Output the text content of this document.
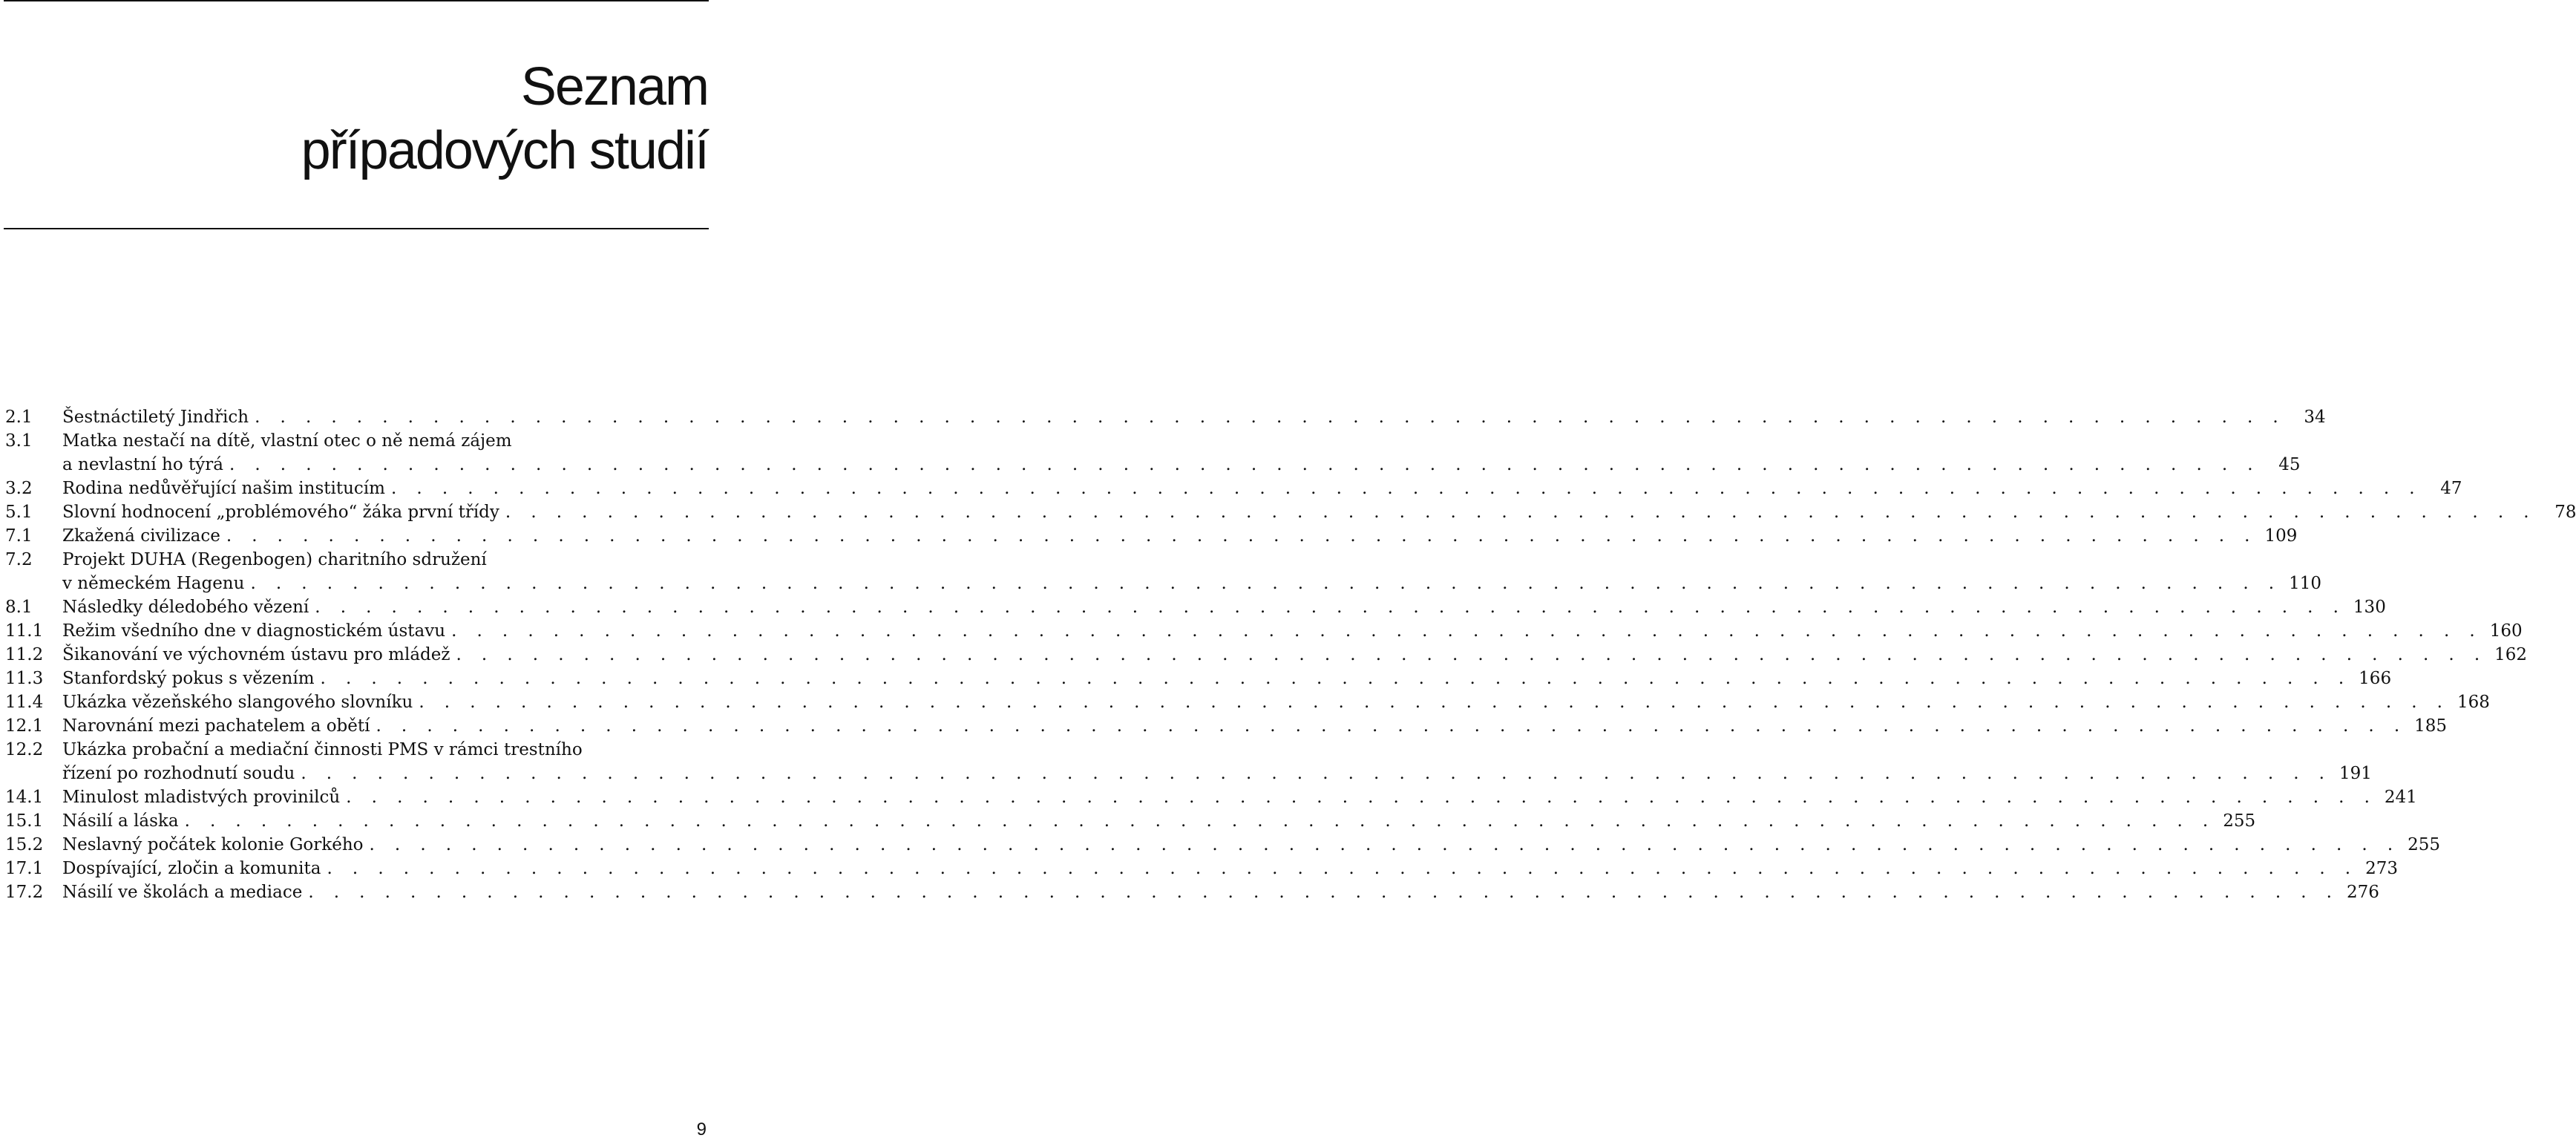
Seznam
případových studií
2.1 Šestnáctiletý Jindřich . . . . . . . . . . . . . . . . . . . . . . . . . . . . . . . . . . . . . . . . . . . . . . . . . . . . . . . . . . . . . . . . . . . . . . . . . . . . . . . .	34
3.1 Matka nestačí na dítě, vlastní otec o ně nemá zájem
a nevlastní ho týrá . . . . . . . . . . . . . . . . . . . . . . . . . . . . . . . . . . . . . . . . . . . . . . . . . . . . . . . . . . . . . . . . . . . . . . . . . . . . . . . .	45
3.2 Rodina nedůvěřující našim institucím . . . . . . . . . . . . . . . . . . . . . . . . . . . . . . . . . . . . . . . . . . . . . . . . . . . . . . . . . . . . . . . . . . . . . . . . . . . . . . . .	47
5.1 Slovní hodnocení „problémového“ žáka první třídy . . . . . . . . . . . . . . . . . . . . . . . . . . . . . . . . . . . . . . . . . . . . . . . . . . . . . . . . . . . . . . . . . . . . . . . . . . . . . . . .	78
7.1 Zkažená civilizace . . . . . . . . . . . . . . . . . . . . . . . . . . . . . . . . . . . . . . . . . . . . . . . . . . . . . . . . . . . . . . . . . . . . . . . . . . . . . . . . 109
7.2 Projekt DUHA (Regenbogen) charitního sdružení
v německém Hagenu . . . . . . . . . . . . . . . . . . . . . . . . . . . . . . . . . . . . . . . . . . . . . . . . . . . . . . . . . . . . . . . . . . . . . . . . . . . . . . . . 110
8.1 Následky déledobého vězení . . . . . . . . . . . . . . . . . . . . . . . . . . . . . . . . . . . . . . . . . . . . . . . . . . . . . . . . . . . . . . . . . . . . . . . . . . . . . . . . 130
11.1 Režim všedního dne v diagnostickém ústavu . . . . . . . . . . . . . . . . . . . . . . . . . . . . . . . . . . . . . . . . . . . . . . . . . . . . . . . . . . . . . . . . . . . . . . . . . . . . . . . . 160
11.2 Šikanování ve výchovném ústavu pro mládež . . . . . . . . . . . . . . . . . . . . . . . . . . . . . . . . . . . . . . . . . . . . . . . . . . . . . . . . . . . . . . . . . . . . . . . . . . . . . . . . 162
11.3 Stanfordský pokus s vězením . . . . . . . . . . . . . . . . . . . . . . . . . . . . . . . . . . . . . . . . . . . . . . . . . . . . . . . . . . . . . . . . . . . . . . . . . . . . . . . . 166
11.4 Ukázka vězeňského slangového slovníku . . . . . . . . . . . . . . . . . . . . . . . . . . . . . . . . . . . . . . . . . . . . . . . . . . . . . . . . . . . . . . . . . . . . . . . . . . . . . . . . 168
12.1 Narovnání mezi pachatelem a obětí . . . . . . . . . . . . . . . . . . . . . . . . . . . . . . . . . . . . . . . . . . . . . . . . . . . . . . . . . . . . . . . . . . . . . . . . . . . . . . . . 185
12.2 Ukázka probační a mediační činnosti PMS v rámci trestního
řízení po rozhodnutí soudu . . . . . . . . . . . . . . . . . . . . . . . . . . . . . . . . . . . . . . . . . . . . . . . . . . . . . . . . . . . . . . . . . . . . . . . . . . . . . . . . 191
14.1 Minulost mladistvých provinilců . . . . . . . . . . . . . . . . . . . . . . . . . . . . . . . . . . . . . . . . . . . . . . . . . . . . . . . . . . . . . . . . . . . . . . . . . . . . . . . . 241
15.1 Násilí a láska . . . . . . . . . . . . . . . . . . . . . . . . . . . . . . . . . . . . . . . . . . . . . . . . . . . . . . . . . . . . . . . . . . . . . . . . . . . . . . . . 255
15.2 Neslavný počátek kolonie Gorkého . . . . . . . . . . . . . . . . . . . . . . . . . . . . . . . . . . . . . . . . . . . . . . . . . . . . . . . . . . . . . . . . . . . . . . . . . . . . . . . . 255
17.1 Dospívající, zločin a komunita . . . . . . . . . . . . . . . . . . . . . . . . . . . . . . . . . . . . . . . . . . . . . . . . . . . . . . . . . . . . . . . . . . . . . . . . . . . . . . . . 273
17.2 Násilí ve školách a mediace . . . . . . . . . . . . . . . . . . . . . . . . . . . . . . . . . . . . . . . . . . . . . . . . . . . . . . . . . . . . . . . . . . . . . . . . . . . . . . . . 276
9
